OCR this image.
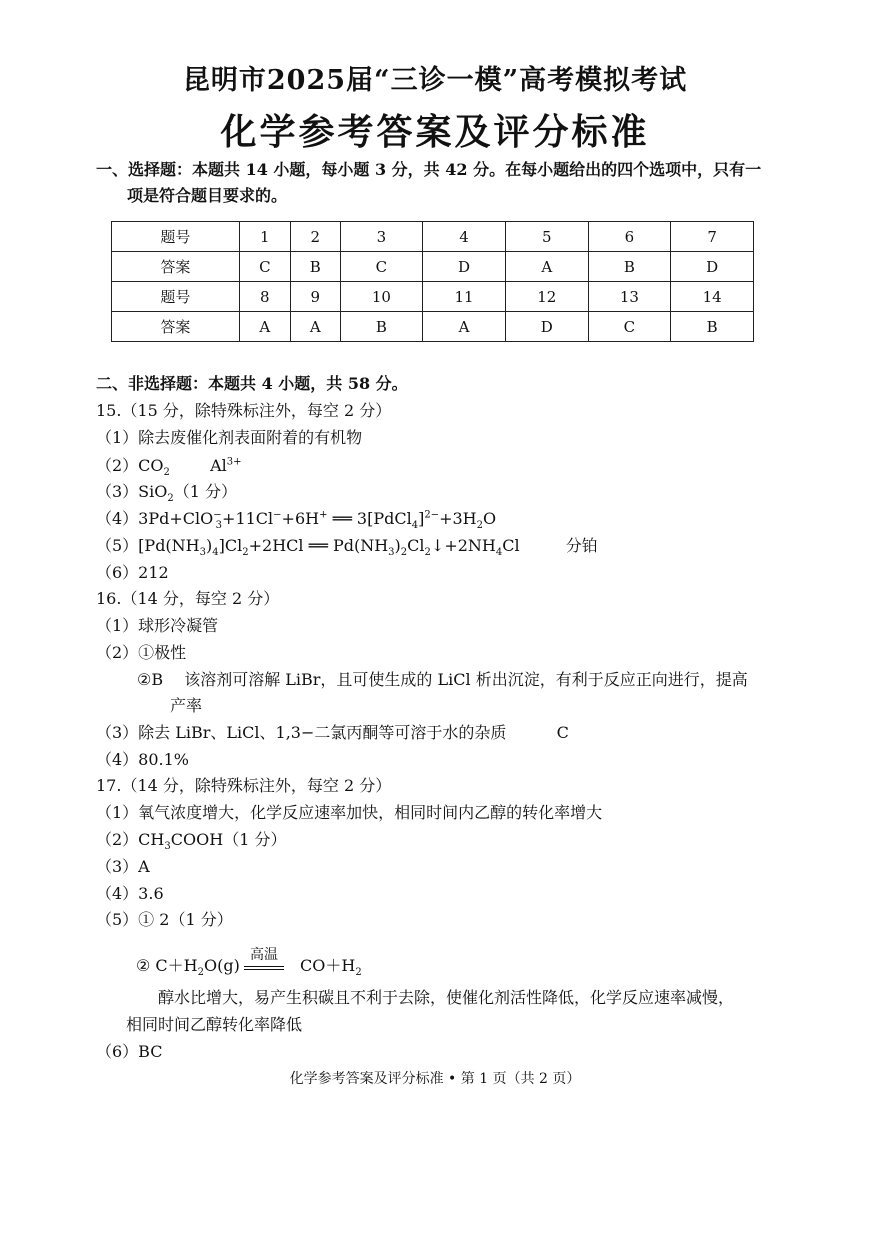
昆明市2025届“三诊一模”高考模拟考试
化学参考答案及评分标准
一、选择题：本题共 14 小题，每小题 3 分，共 42 分。在每小题给出的四个选项中，只有一
项是符合题目要求的。
题号	1	2	3	4	5	6	7
答案	C	B	C	D	A	B	D
题号	8	9	10	11	12	13	14
答案	A	A	B	A	D	C	B
二、非选择题：本题共 4 小题，共 58 分。
15.（15 分，除特殊标注外，每空 2 分）
（1）除去废催化剂表面附着的有机物
$(2)CO_2$	$Al^{3+}$
（3）SiO$_2$（1 分）
（4）3Pd+ClO−$_3$+11Cl−+6H+ ══ $3[PdCl_4]^{2-}+3H_2O$
$(5)[Pd(NH_3)_4]Cl_2+2HCl$ ══ $Pd(NH_3)_2Cl_2↓+2NH_4Cl$	分铂
（6）212
16.（14 分，每空 2 分）
（1）球形冷凝管
（2）①极性
②B　 该溶剂可溶解 LiBr，且可使生成的 LiCl 析出沉淀，有利于反应正向进行，提高
产率
（3）除去 LiBr、LiCl、1,3−二氯丙酮等可溶于水的杂质	C
（4）80.1%
17.（14 分，除特殊标注外，每空 2 分）
（1）氧气浓度增大，化学反应速率加快，相同时间内乙醇的转化率增大
$(2)CH_3COOH(1$ 分）
（3）A
（4）3.6
（5）① 2（1 分）
② $C+H_2O(g)$	$CO+H_2$
高温
醇水比增大，易产生积碳且不利于去除，使催化剂活性降低，化学反应速率减慢，
相同时间乙醇转化率降低
（6）BC
化学参考答案及评分标准 • 第 1 页（共 2 页）
